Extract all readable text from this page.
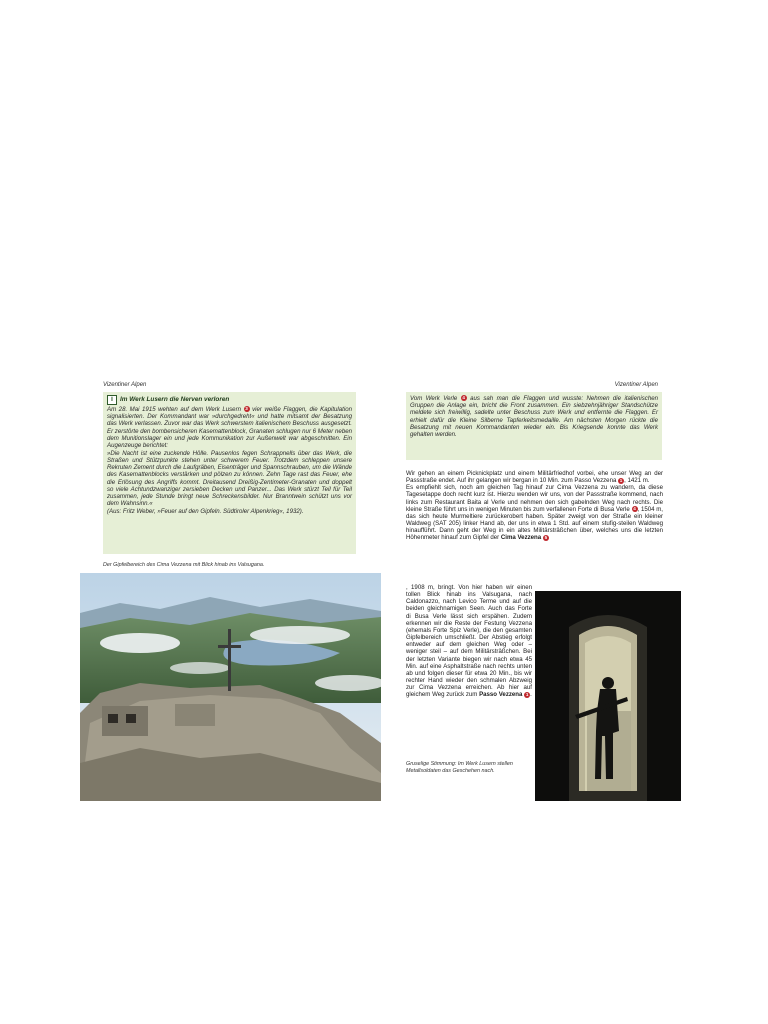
Vizentiner Alpen
i	Im Werk Lusern die Nerven verloren

Am 28. Mai 1915 wehten auf dem Werk Lusern 3 vier weiße Flaggen, die Kapitulation signalisierten. Der Kommandant war »durchgedreht« und hatte mitsamt der Besatzung das Werk verlassen. Zuvor war das Werk schwerstem italienischem Beschuss ausgesetzt. Er zerstörte den bombensicheren Kasemattenblock, Granaten schlugen nur 6 Meter neben dem Munitionslager ein und jede Kommunikation zur Außenwelt war abgeschnitten. Ein Augenzeuge berichtet:

»Die Nacht ist eine zuckende Hölle. Pausenlos fegen Schrappnells über das Werk, die Straßen und Stützpunkte stehen unter schwerem Feuer. Trotzdem schleppen unsere Rekruten Zement durch die Laufgräben, Eisenträger und Spannschrauben, um die Wände des Kasemattenblocks verstärken und pölzen zu können. Zehn Tage rast das Feuer, ehe die Erlösung des Angriffs kommt. Dreitausend Dreißig-Zentimeter-Granaten und doppelt so viele Achtundzwanziger zersieben Decken und Panzer... Das Werk stürzt Teil für Teil zusammen, jede Stunde bringt neue Schreckensbilder. Nur Branntwein schützt uns vor dem Wahnsinn.«

(Aus: Fritz Weber, »Feuer auf den Gipfeln. Südtiroler Alpenkrieg«, 1932).

Der Gipfelbereich des Cima Vezzena mit Blick hinab ins Valsugana.
Vizentiner Alpen

Vom Werk Verle 4 aus sah man die Flaggen und wusste: Nehmen die italienischen Gruppen die Anlage ein, bricht die Front zusammen. Ein siebzehnjähriger Standschütze meldete sich freiwillig, sadelte unter Beschuss zum Werk und entfernte die Flaggen. Er erhielt dafür die Kleine Silberne Tapferkeitsmedaille. Am nächsten Morgen rückte die Besatzung mit neuen Kommandanten wieder ein. Bis Kriegsende konnte das Werk gehalten werden.

Wir gehen an einem Picknickplatz und einem Militärfriedhof vorbei, ehe unser Weg an der Passstraße endet. Auf ihr gelangen wir bergan in 10 Min. zum Passo Vezzena 1 , 1421 m.

Es empfiehlt sich, noch am gleichen Tag hinauf zur Cima Vezzena zu wandern, da diese Tagesetappe doch recht kurz ist. Hierzu wenden wir uns, von der Passstraße kommend, nach links zum Restaurant Baita al Verle und nehmen den sich gabelnden Weg nach rechts. Die kleine Straße führt uns in wenigen Minuten bis zum verfallenen Forte di Busa Verle 4 , 1504 m, das sich heute Murmeltiere zurückerobert haben. Später zweigt von der Straße ein kleiner Waldweg (SAT 205) linker Hand ab, der uns in etwa 1 Std. auf einem stufig-steilen Waldweg hinaufführt. Dann geht der Weg in ein altes Militärsträßchen über, welches uns die letzten Höhenmeter hinauf zum Gipfel der Cima Vezzena 5

, 1908 m, bringt. Von hier haben wir einen tollen Blick hinab ins Valsugana, nach Caldonazzo, nach Levico Terme und auf die beiden gleichnamigen Seen. Auch das Forte di Busa Verle lässt sich erspähen. Zudem erkennen wir die Reste der Festung Vezzena (ehemals Forte Spiz Verle), die den gesamten Gipfelbereich umschließt. Der Abstieg erfolgt entweder auf dem gleichen Weg oder – weniger steil – auf dem Militärsträßchen. Bei der letzten Variante biegen wir nach etwa 45 Min. auf eine Asphaltstraße nach rechts unten ab und folgen dieser für etwa 20 Min., bis wir rechter Hand wieder den schmalen Abzweig zur Cima Vezzena erreichen. Ab hier auf gleichem Weg zurück zum Passo Vezzena 1 .

Gruselige Stimmung: Im Werk Lusern stellen Metallsoldaten das Geschehen nach.
